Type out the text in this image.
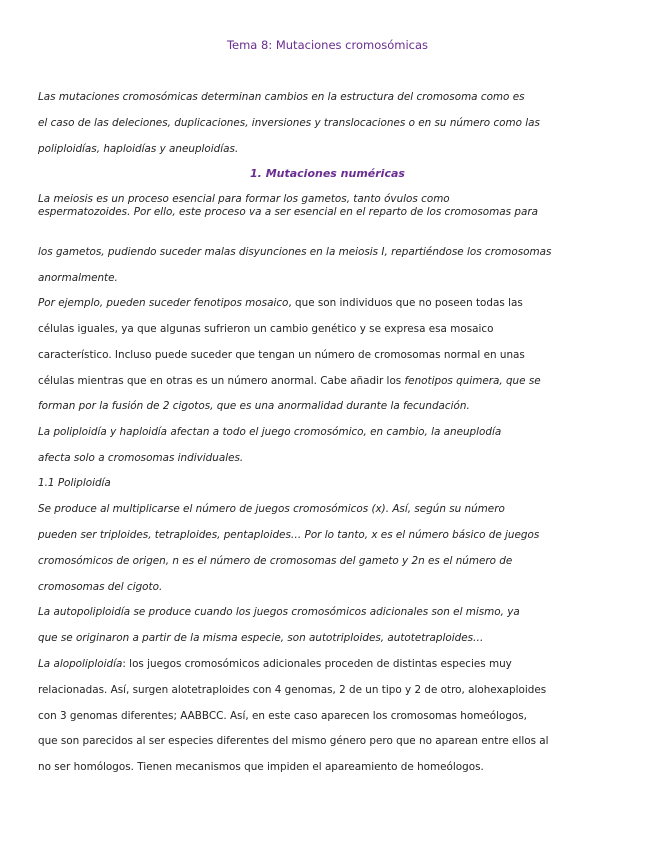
Tema 8: Mutaciones cromosómicas
Las mutaciones cromosómicas determinan cambios en la estructura del cromosoma como es
el caso de las deleciones, duplicaciones, inversiones y translocaciones o en su número como las
poliploidías, haploidías y aneuploidías.
1. Mutaciones numéricas
La meiosis es un proceso esencial para formar los gametos, tanto óvulos como
espermatozoides. Por ello, este proceso va a ser esencial en el reparto de los cromosomas para
los gametos, pudiendo suceder malas disyunciones en la meiosis I, repartiéndose los cromosomas
anormalmente.
Por ejemplo, pueden suceder fenotipos mosaico, que son individuos que no poseen todas las
células iguales, ya que algunas sufrieron un cambio genético y se expresa esa mosaico
característico. Incluso puede suceder que tengan un número de cromosomas normal en unas
células mientras que en otras es un número anormal. Cabe añadir los fenotipos quimera, que se
forman por la fusión de 2 cigotos, que es una anormalidad durante la fecundación.
La poliploidía y haploidía afectan a todo el juego cromosómico, en cambio, la aneuplodía
afecta solo a cromosomas individuales.
1.1 Poliploidía
Se produce al multiplicarse el número de juegos cromosómicos (x). Así, según su número
pueden ser triploides, tetraploides, pentaploides… Por lo tanto, x es el número básico de juegos
cromosómicos de origen, n es el número de cromosomas del gameto y 2n es el número de
cromosomas del cigoto.
La autopoliploidía se produce cuando los juegos cromosómicos adicionales son el mismo, ya
que se originaron a partir de la misma especie, son autotriploides, autotetraploides…
La alopoliploidía: los juegos cromosómicos adicionales proceden de distintas especies muy
relacionadas. Así, surgen alotetraploides con 4 genomas, 2 de un tipo y 2 de otro, alohexaploides
con 3 genomas diferentes; AABBCC. Así, en este caso aparecen los cromosomas homeólogos,
que son parecidos al ser especies diferentes del mismo género pero que no aparean entre ellos al
no ser homólogos. Tienen mecanismos que impiden el apareamiento de homeólogos.
